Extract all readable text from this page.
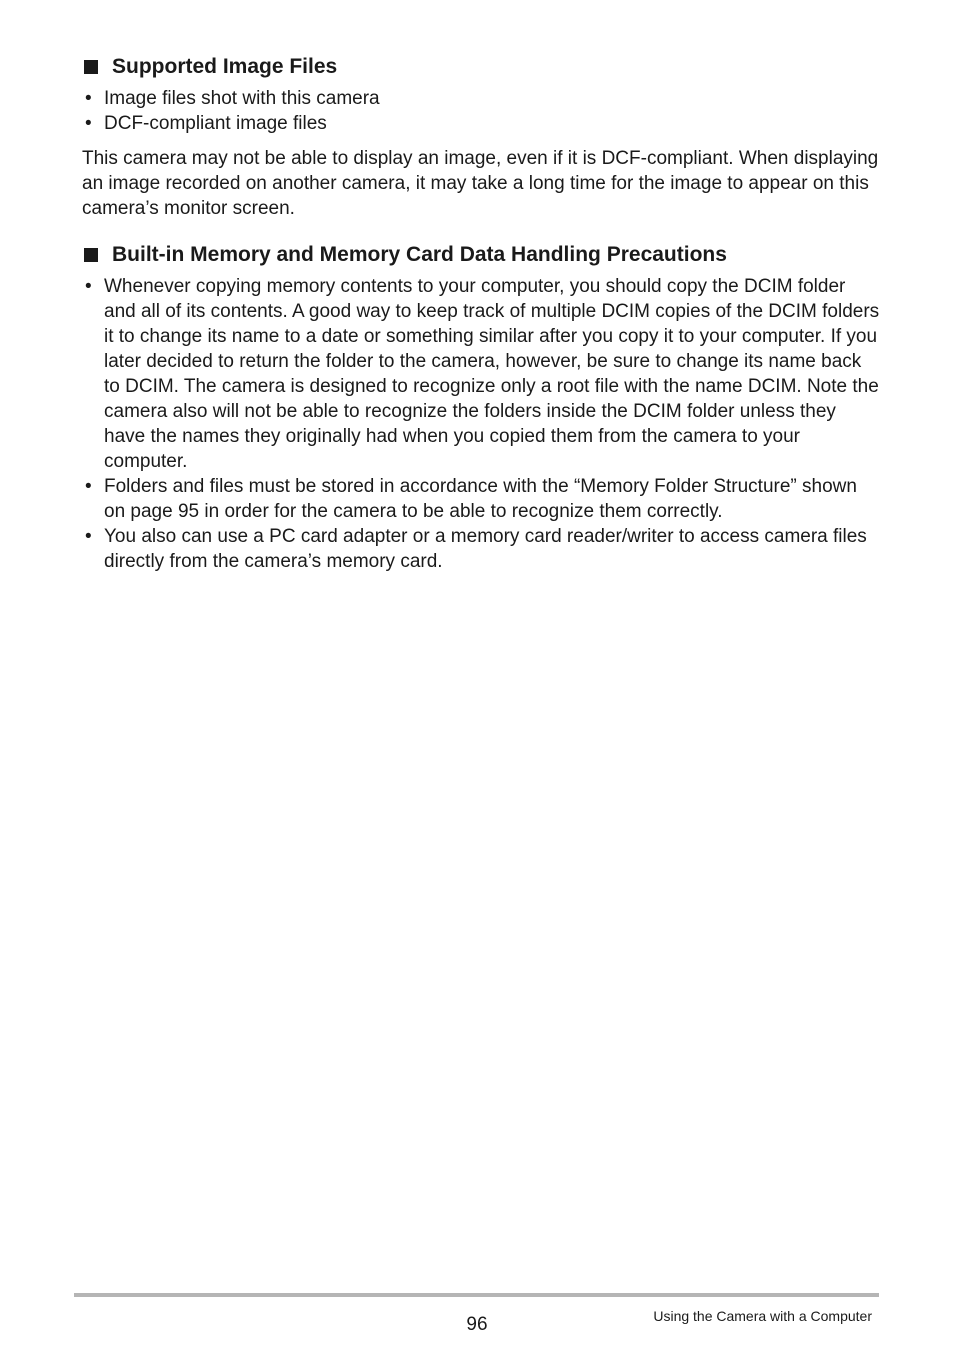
Supported Image Files
• Image files shot with this camera
• DCF-compliant image files

This camera may not be able to display an image, even if it is DCF-compliant. When displaying an image recorded on another camera, it may take a long time for the image to appear on this camera’s monitor screen.

Built-in Memory and Memory Card Data Handling Precautions
• Whenever copying memory contents to your computer, you should copy the DCIM folder and all of its contents. A good way to keep track of multiple DCIM copies of the DCIM folders it to change its name to a date or something similar after you copy it to your computer. If you later decided to return the folder to the camera, however, be sure to change its name back to DCIM. The camera is designed to recognize only a root file with the name DCIM. Note the camera also will not be able to recognize the folders inside the DCIM folder unless they have the names they originally had when you copied them from the camera to your computer.
• Folders and files must be stored in accordance with the “Memory Folder Structure” shown on page 95 in order for the camera to be able to recognize them correctly.
• You also can use a PC card adapter or a memory card reader/writer to access camera files directly from the camera’s memory card.
96	Using the Camera with a Computer
